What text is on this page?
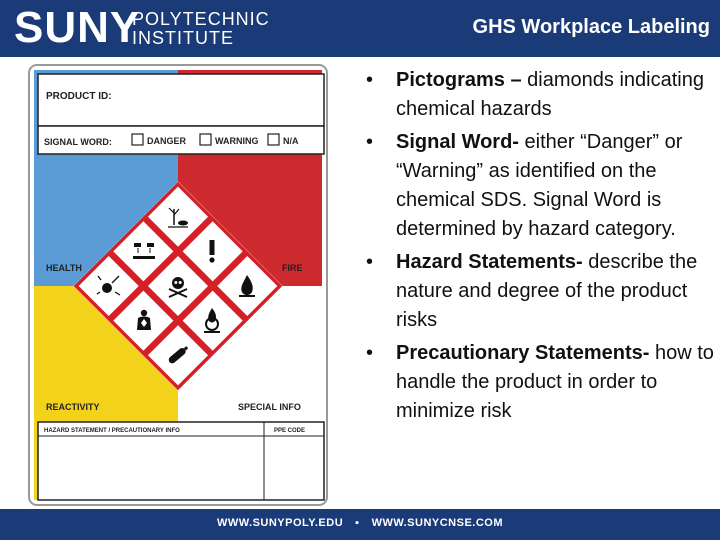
SUNY
POLYTECHNIC
INSTITUTE	GHS Workplace Labeling
PRODUCT ID:
SIGNAL WORD:	DANGER	WARNING	N/A
HEALTH	FIRE
REACTIVITY	SPECIAL INFO
HAZARD STATEMENT / PRECAUTIONARY INFO	PPE CODE
• Pictograms – diamonds indicating chemical hazards
• Signal Word- either “Danger” or “Warning” as identified on the chemical SDS. Signal Word is determined by hazard category.
• Hazard Statements- describe the nature and degree of the product risks
• Precautionary Statements- how to handle the product in order to minimize risk
WWW.SUNYPOLY.EDU ▪ WWW.SUNYCNSE.COM
